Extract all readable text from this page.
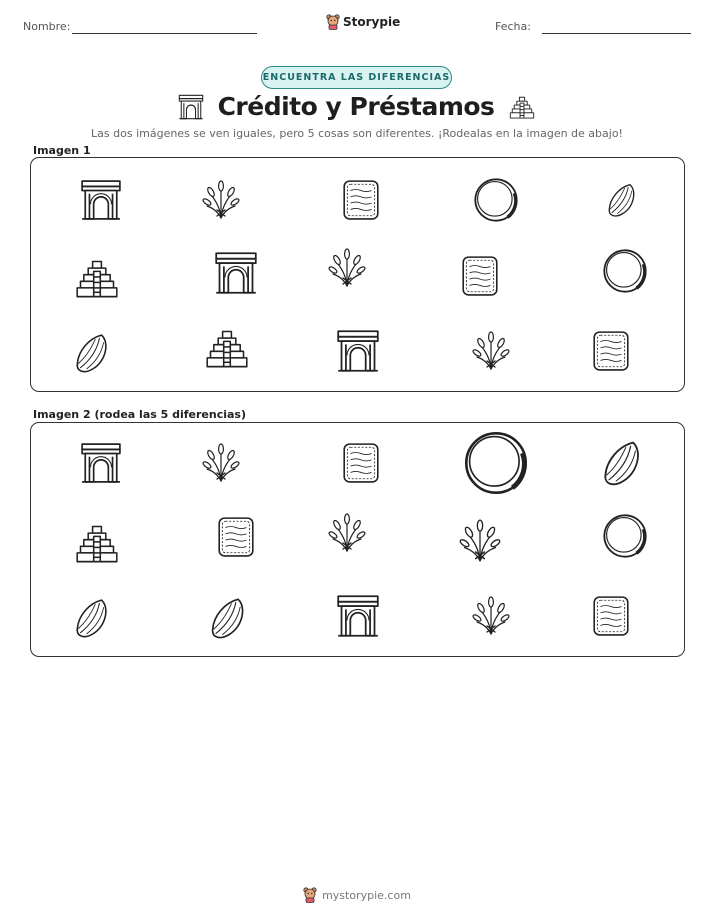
Nombre:	Storypie	Fecha:
ENCUENTRA LAS DIFERENCIAS
Crédito y Préstamos
Las dos imágenes se ven iguales, pero 5 cosas son diferentes. ¡Rodealas en la imagen de abajo!
Imagen 1
Imagen 2 (rodea las 5 diferencias)
mystorypie.com
